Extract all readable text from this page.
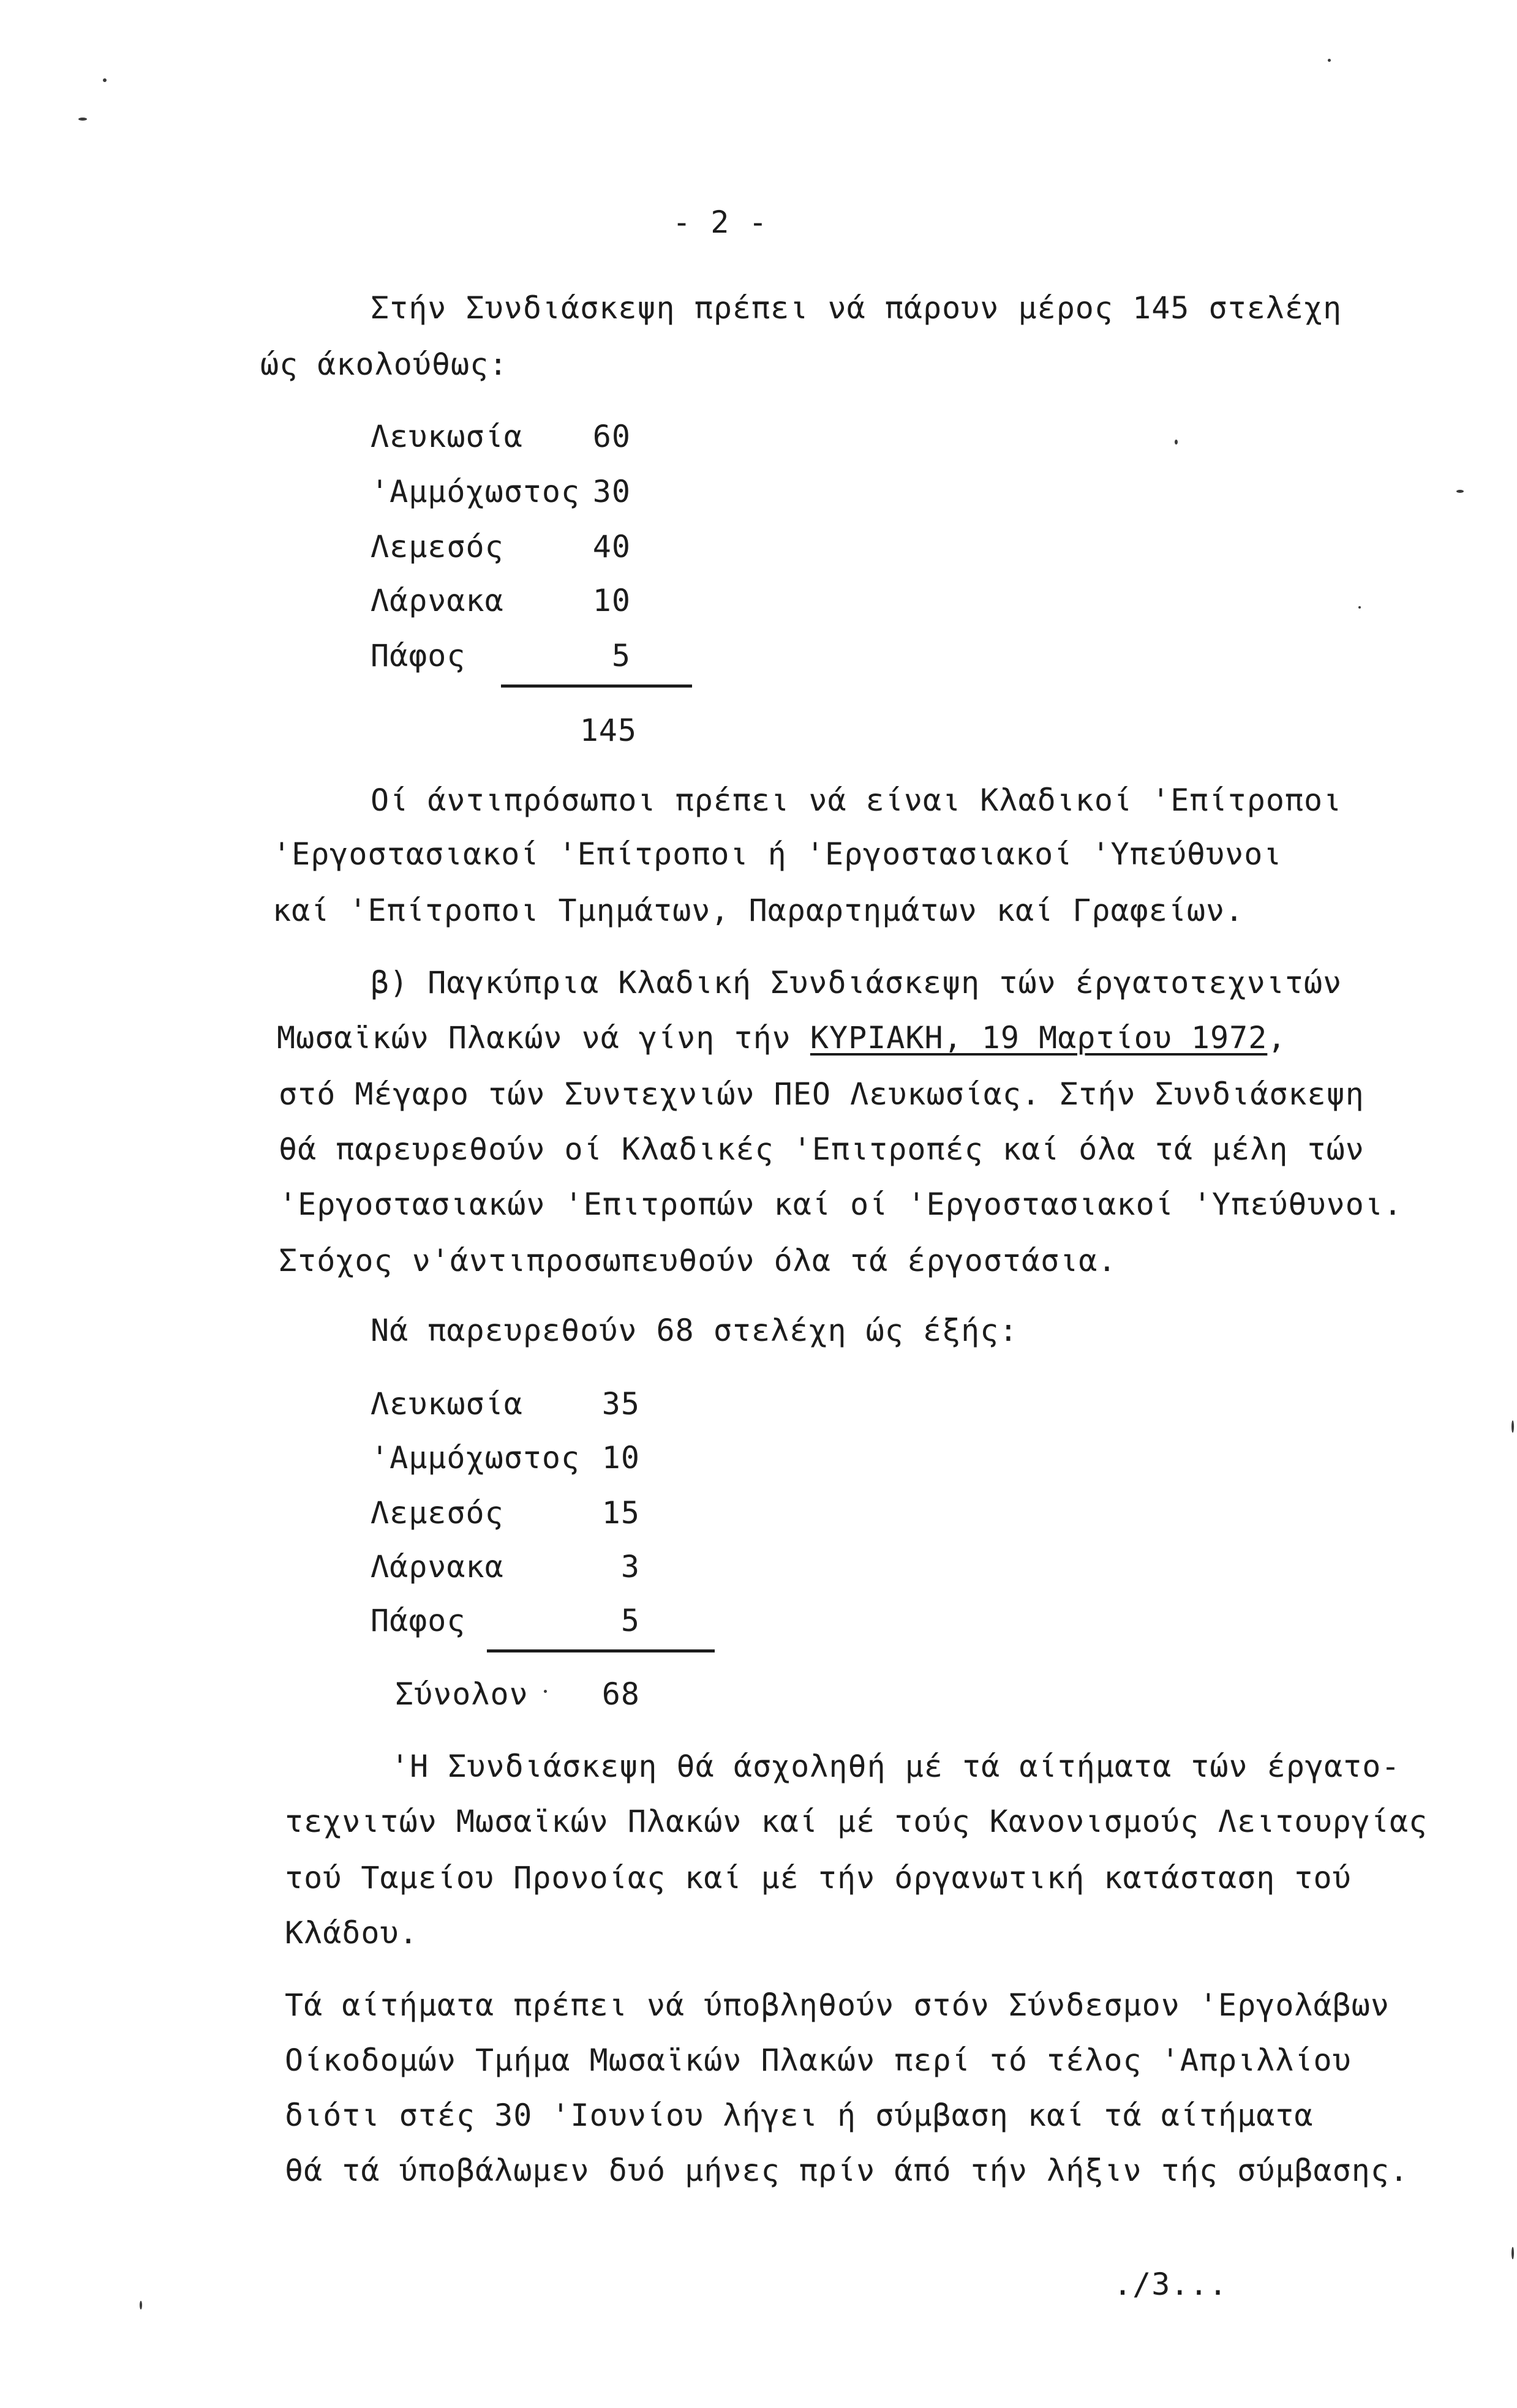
- 2 -
Στήν Συνδιάσκεψη πρέπει νά πάρουν μέρος 145 στελέχη
ώς άκολούθως:
Λευκωσία	60
'Αμμόχωστος 30
Λεμεσός	40
Λάρνακα	10
Πάφος	5
145
Οί άντιπρόσωποι πρέπει νά είναι Κλαδικοί 'Επίτροποι
'Εργοστασιακοί 'Επίτροποι ή 'Εργοστασιακοί 'Υπεύθυνοι
καί 'Επίτροποι Τμημάτων, Παραρτημάτων καί Γραφείων.
β) Παγκύπρια Κλαδική Συνδιάσκεψη τών έργατοτεχνιτών
Μωσαϊκών Πλακών νά γίνη τήν ΚΥΡΙΑΚΗ, 19 Μαρτίου 1972,
στό Μέγαρο τών Συντεχνιών ΠΕΟ Λευκωσίας. Στήν Συνδιάσκεψη
θά παρευρεθούν οί Κλαδικές 'Επιτροπές καί όλα τά μέλη τών
'Εργοστασιακών 'Επιτροπών καί οί 'Εργοστασιακοί 'Υπεύθυνοι.
Στόχος ν'άντιπροσωπευθούν όλα τά έργοστάσια.
Νά παρευρεθούν 68 στελέχη ώς έξής:
Λευκωσία	35
'Αμμόχωστος 10
Λεμεσός	15
Λάρνακα	3
Πάφος	5
Σύνολον	68
'Η Συνδιάσκεψη θά άσχοληθή μέ τά αίτήματα τών έργατο-
τεχνιτών Μωσαϊκών Πλακών καί μέ τούς Κανονισμούς Λειτουργίας
τού Ταμείου Προνοίας καί μέ τήν όργανωτική κατάσταση τού
Κλάδου.
Τά αίτήματα πρέπει νά ύποβληθούν στόν Σύνδεσμον 'Εργολάβων
Οίκοδομών Τμήμα Μωσαϊκών Πλακών περί τό τέλος 'Απριλλίου
διότι στές 30 'Ιουνίου λήγει ή σύμβαση καί τά αίτήματα
θά τά ύποβάλωμεν δυό μήνες πρίν άπό τήν λήξιν τής σύμβασης.
./3...
